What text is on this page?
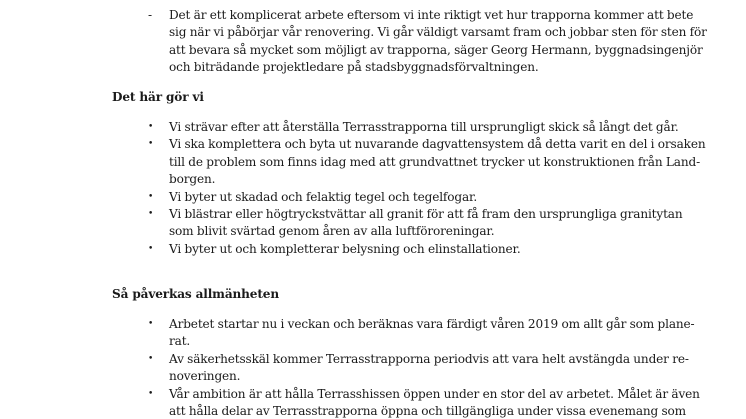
-	Det är ett komplicerat arbete eftersom vi inte riktigt vet hur trapporna kommer att bete
sig när vi påbörjar vår renovering. Vi går väldigt varsamt fram och jobbar sten för sten för
att bevara så mycket som möjligt av trapporna, säger Georg Hermann, byggnadsingenjör
och biträdande projektledare på stadsbyggnadsförvaltningen.
Det här gör vi
•
Vi strävar efter att återställa Terrasstrapporna till ursprungligt skick så långt det går.
•
Vi ska komplettera och byta ut nuvarande dagvattensystem då detta varit en del i orsaken
till de problem som finns idag med att grundvattnet trycker ut konstruktionen från Land-
borgen.
•
Vi byter ut skadad och felaktig tegel och tegelfogar.
•
Vi blästrar eller högtryckstvättar all granit för att få fram den ursprungliga granitytan
som blivit svärtad genom åren av alla luftföroreningar.
•
Vi byter ut och kompletterar belysning och elinstallationer.
Så påverkas allmänheten
•
Arbetet startar nu i veckan och beräknas vara färdigt våren 2019 om allt går som plane-
rat.
•
Av säkerhetsskäl kommer Terrasstrapporna periodvis att vara helt avstängda under re-
noveringen.
•
Vår ambition är att hålla Terrasshissen öppen under en stor del av arbetet. Målet är även
att hålla delar av Terrasstrapporna öppna och tillgängliga under vissa evenemang som
